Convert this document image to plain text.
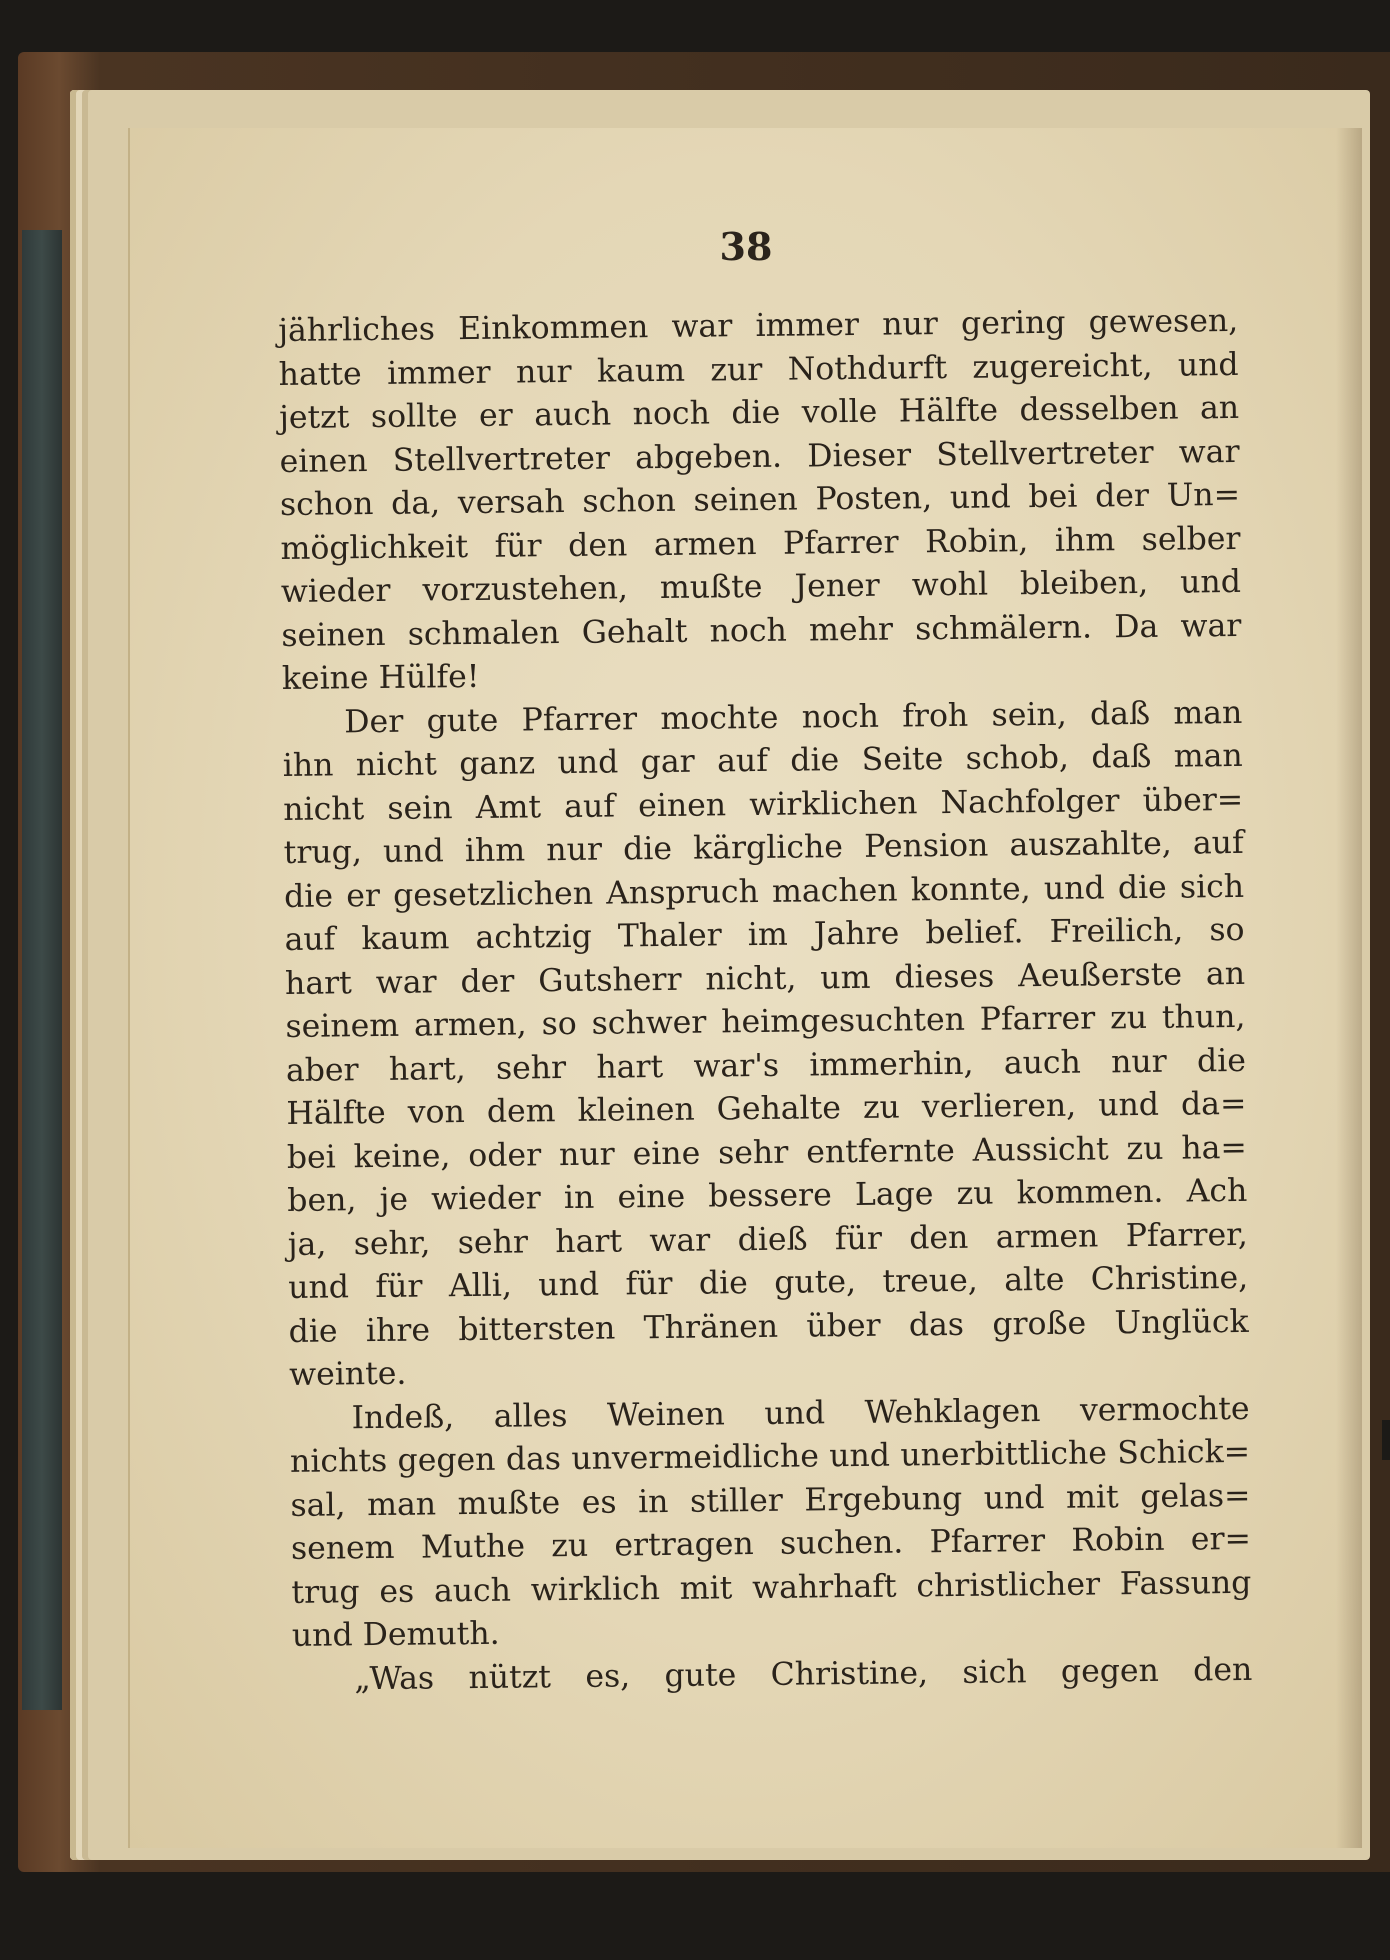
38
jährliches Einkommen war immer nur gering gewesen,
hatte immer nur kaum zur Nothdurft zugereicht, und
jetzt sollte er auch noch die volle Hälfte desselben an
einen Stellvertreter abgeben. Dieser Stellvertreter war
schon da, versah schon seinen Posten, und bei der Un=
möglichkeit für den armen Pfarrer Robin, ihm selber
wieder vorzustehen, mußte Jener wohl bleiben, und
seinen schmalen Gehalt noch mehr schmälern. Da war
keine Hülfe!
Der gute Pfarrer mochte noch froh sein, daß man
ihn nicht ganz und gar auf die Seite schob, daß man
nicht sein Amt auf einen wirklichen Nachfolger über=
trug, und ihm nur die kärgliche Pension auszahlte, auf
die er gesetzlichen Anspruch machen konnte, und die sich
auf kaum achtzig Thaler im Jahre belief. Freilich, so
hart war der Gutsherr nicht, um dieses Aeußerste an
seinem armen, so schwer heimgesuchten Pfarrer zu thun,
aber hart, sehr hart war's immerhin, auch nur die
Hälfte von dem kleinen Gehalte zu verlieren, und da=
bei keine, oder nur eine sehr entfernte Aussicht zu ha=
ben, je wieder in eine bessere Lage zu kommen. Ach
ja, sehr, sehr hart war dieß für den armen Pfarrer,
und für Alli, und für die gute, treue, alte Christine,
die ihre bittersten Thränen über das große Unglück
weinte.
Indeß, alles Weinen und Wehklagen vermochte
nichts gegen das unvermeidliche und unerbittliche Schick=
sal, man mußte es in stiller Ergebung und mit gelas=
senem Muthe zu ertragen suchen. Pfarrer Robin er=
trug es auch wirklich mit wahrhaft christlicher Fassung
und Demuth.
„Was nützt es, gute Christine, sich gegen den
